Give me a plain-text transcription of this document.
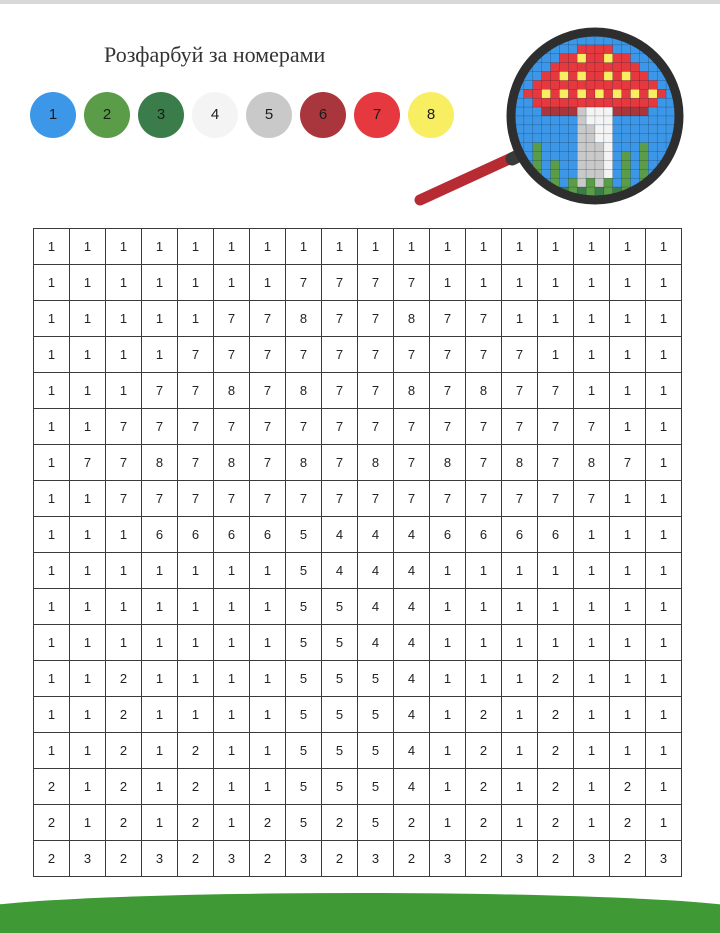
Розфарбуй за номерами
1	2	3	4	5	6	7	8
1	1	1	1	1	1	1	1	1	1	1	1	1	1	1	1	1	1
1	1	1	1	1	1	1	7	7	7	7	1	1	1	1	1	1	1
1	1	1	1	1	7	7	8	7	7	8	7	7	1	1	1	1	1
1	1	1	1	7	7	7	7	7	7	7	7	7	7	1	1	1	1
1	1	1	7	7	8	7	8	7	7	8	7	8	7	7	1	1	1
1	1	7	7	7	7	7	7	7	7	7	7	7	7	7	7	1	1
1	7	7	8	7	8	7	8	7	8	7	8	7	8	7	8	7	1
1	1	7	7	7	7	7	7	7	7	7	7	7	7	7	7	1	1
1	1	1	6	6	6	6	5	4	4	4	6	6	6	6	1	1	1
1	1	1	1	1	1	1	5	4	4	4	1	1	1	1	1	1	1
1	1	1	1	1	1	1	5	5	4	4	1	1	1	1	1	1	1
1	1	1	1	1	1	1	5	5	4	4	1	1	1	1	1	1	1
1	1	2	1	1	1	1	5	5	5	4	1	1	1	2	1	1	1
1	1	2	1	1	1	1	5	5	5	4	1	2	1	2	1	1	1
1	1	2	1	2	1	1	5	5	5	4	1	2	1	2	1	1	1
2	1	2	1	2	1	1	5	5	5	4	1	2	1	2	1	2	1
2	1	2	1	2	1	2	5	2	5	2	1	2	1	2	1	2	1
2	3	2	3	2	3	2	3	2	3	2	3	2	3	2	3	2	3
